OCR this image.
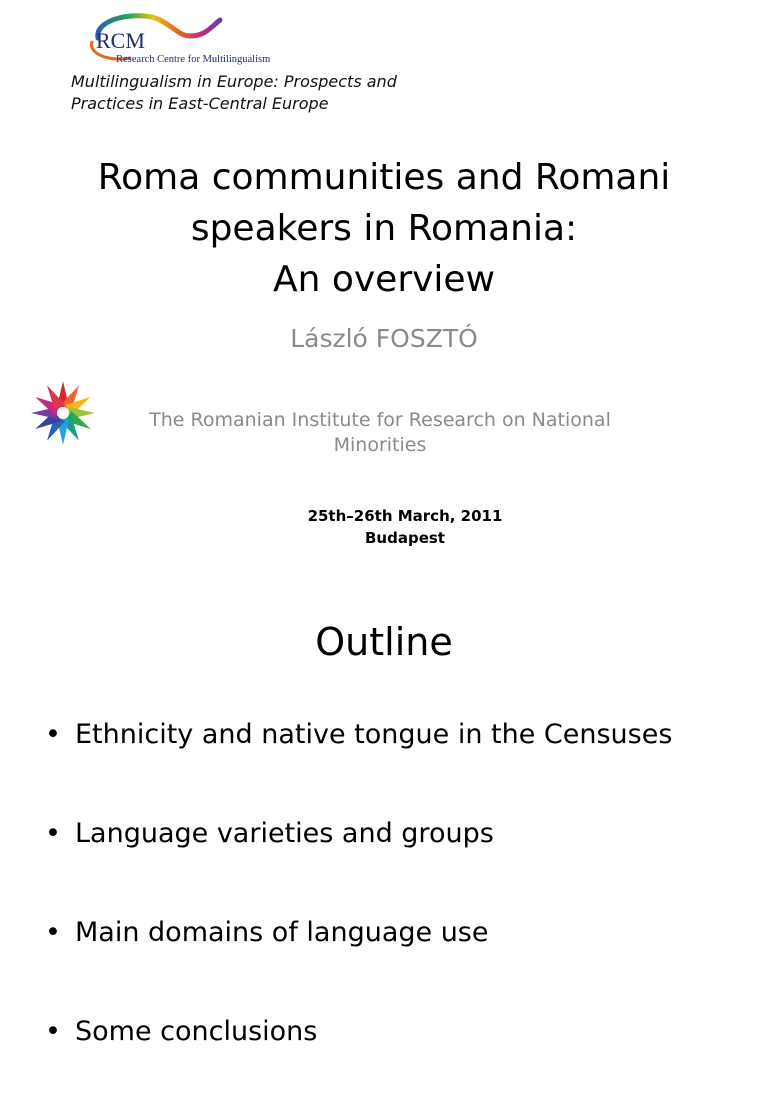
RCM
Research Centre for Multilingualism
Multilingualism in Europe: Prospects and
Practices in East-Central Europe
Roma communities and Romani
speakers in Romania:
An overview
László FOSZTÓ
The Romanian Institute for Research on National
Minorities
25th–26th March, 2011
Budapest
Outline
• Ethnicity and native tongue in the Censuses
• Language varieties and groups
• Main domains of language use
• Some conclusions
